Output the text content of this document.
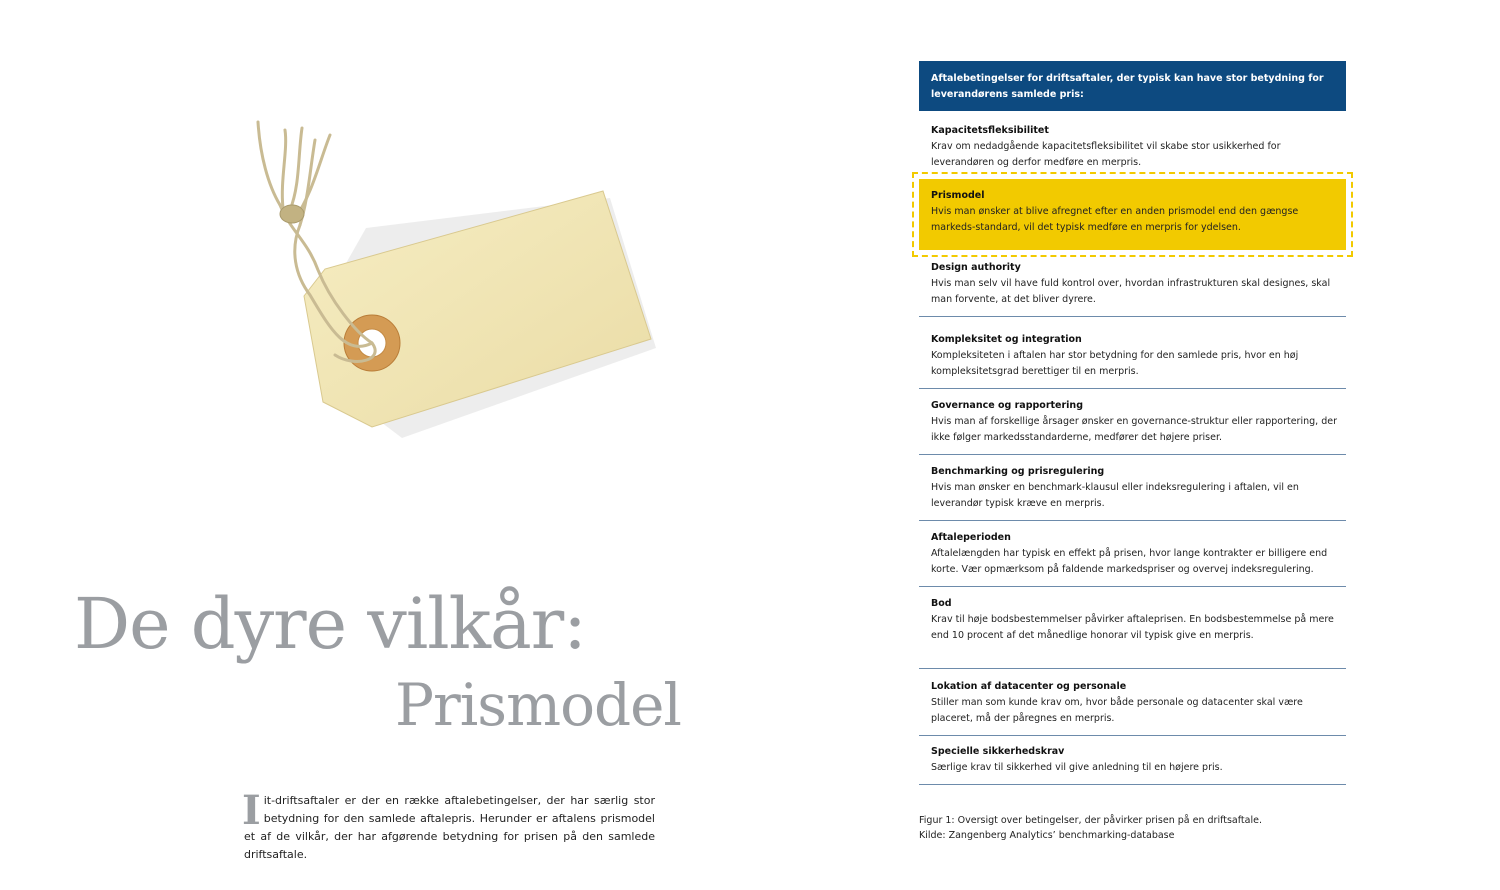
De dyre vilkår:
Prismodel

Iit-driftsaftaler er der en række aftalebetingelser, der har særlig stor betydning for den samlede aftalepris. Herunder er aftalens prismodel et af de vilkår, der har afgørende betydning for prisen på den samlede driftsaftale.

Aftalebetingelser for driftsaftaler, der typisk kan have stor betydning for leverandørens samlede pris:
Kapacitetsfleksibilitet
Krav om nedadgående kapacitetsfleksibilitet vil skabe stor usikkerhed for leverandøren og derfor medføre en merpris.
Prismodel
Hvis man ønsker at blive afregnet efter en anden prismodel end den gængse markeds-standard, vil det typisk medføre en merpris for ydelsen.
Design authority
Hvis man selv vil have fuld kontrol over, hvordan infrastrukturen skal designes, skal man forvente, at det bliver dyrere.
Kompleksitet og integration
Kompleksiteten i aftalen har stor betydning for den samlede pris, hvor en høj kompleksitetsgrad berettiger til en merpris.
Governance og rapportering
Hvis man af forskellige årsager ønsker en governance-struktur eller rapportering, der ikke følger markedsstandarderne, medfører det højere priser.
Benchmarking og prisregulering
Hvis man ønsker en benchmark-klausul eller indeksregulering i aftalen, vil en leverandør typisk kræve en merpris.
Aftaleperioden
Aftalelængden har typisk en effekt på prisen, hvor lange kontrakter er billigere end korte. Vær opmærksom på faldende markedspriser og overvej indeksregulering.
Bod
Krav til høje bodsbestemmelser påvirker aftaleprisen. En bodsbestemmelse på mere end 10 procent af det månedlige honorar vil typisk give en merpris.
Lokation af datacenter og personale
Stiller man som kunde krav om, hvor både personale og datacenter skal være placeret, må der påregnes en merpris.
Specielle sikkerhedskrav
Særlige krav til sikkerhed vil give anledning til en højere pris.
Figur 1: Oversigt over betingelser, der påvirker prisen på en driftsaftale.
Kilde: Zangenberg Analytics’ benchmarking-database
